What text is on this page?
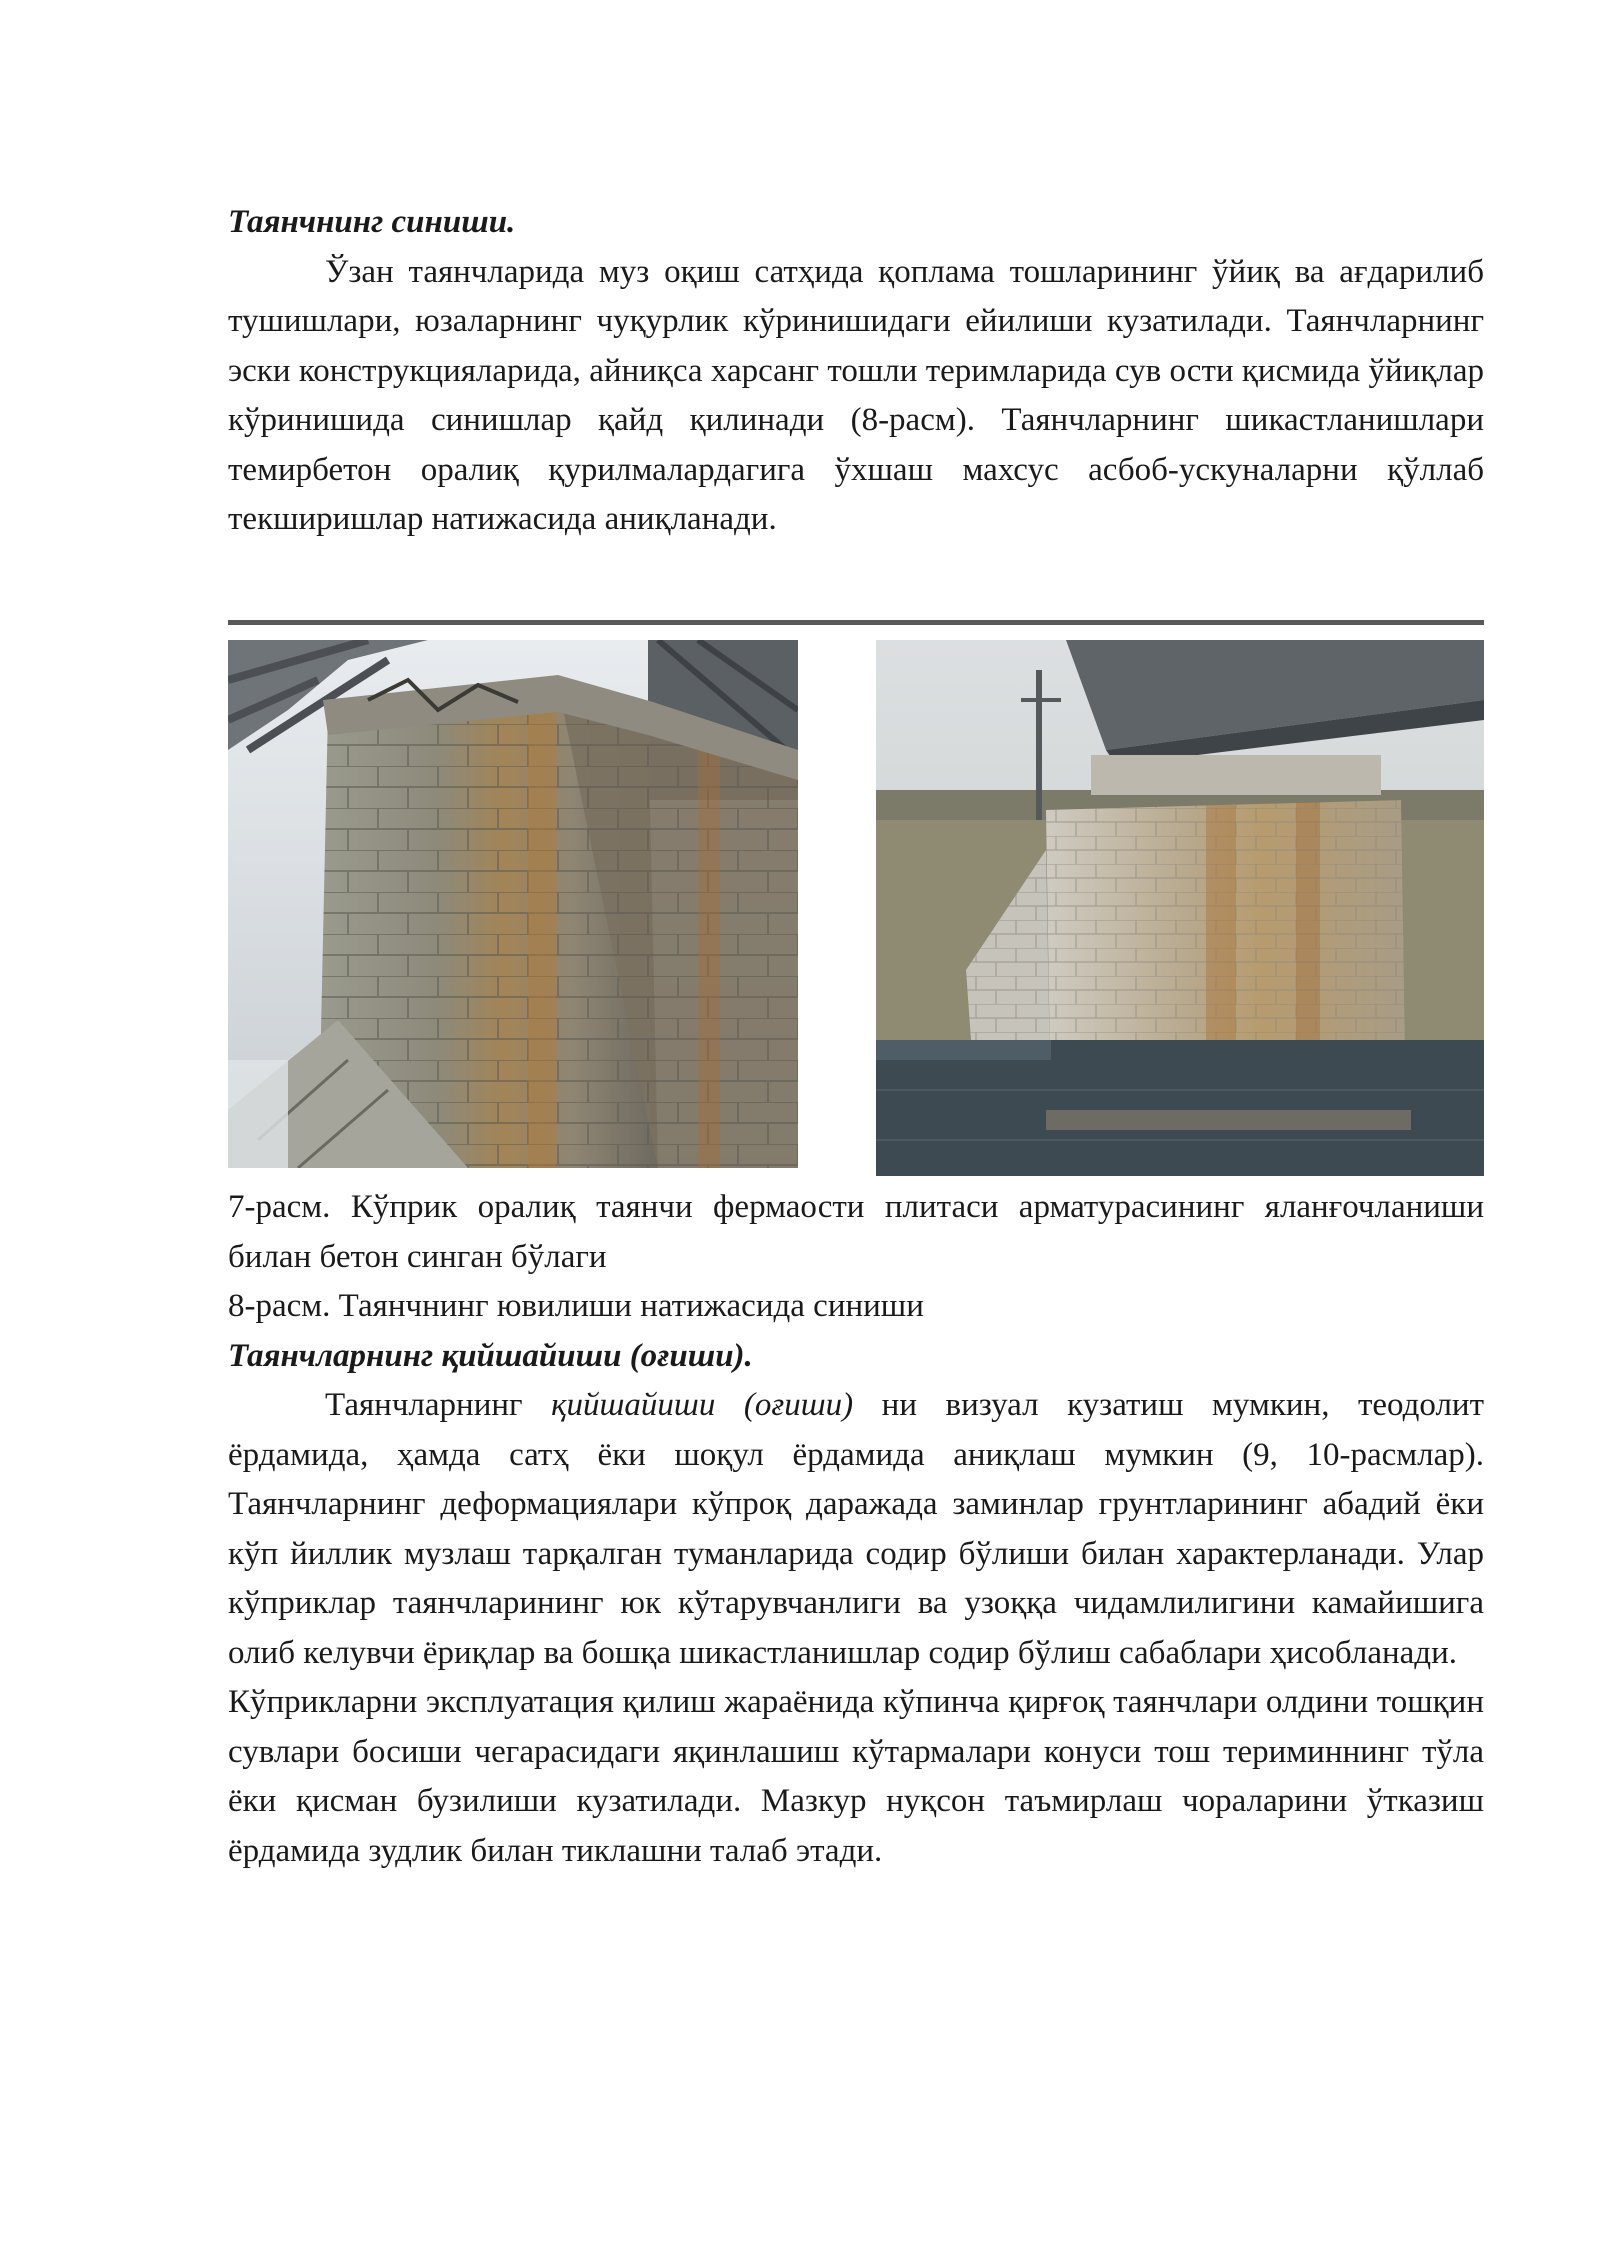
Таянчнинг синиши.

Ўзан таянчларида муз оқиш сатҳида қоплама тошларининг ўйиқ ва ағдарилиб тушишлари, юзаларнинг чуқурлик кўринишидаги ейилиши кузатилади. Таянчларнинг эски конструкцияларида, айниқса харсанг тошли теримларида сув ости қисмида ўйиқлар кўринишида синишлар қайд қилинади (8-расм). Таянчларнинг шикастланишлари темирбетон оралиқ қурилмалардагига ўхшаш махсус асбоб-ускуналарни қўллаб текширишлар натижасида аниқланади.

7-расм. Кўприк оралиқ таянчи фермаости плитаси арматурасининг яланғочланиши билан бетон синган бўлаги

8-расм. Таянчнинг ювилиши натижасида синиши

Таянчларнинг қийшайиши (оғиши).

Таянчларнинг қийшайиши (оғиши) ни визуал кузатиш мумкин, теодолит ёрдамида, ҳамда сатҳ ёки шоқул ёрдамида аниқлаш мумкин (9, 10-расмлар). Таянчларнинг деформациялари кўпроқ даражада заминлар грунтларининг абадий ёки кўп йиллик музлаш тарқалган туманларида содир бўлиши билан характерланади. Улар кўприклар таянчларининг юк кўтарувчанлиги ва узоққа чидамлилигини камайишига олиб келувчи ёриқлар ва бошқа шикастланишлар содир бўлиш сабаблари ҳисобланади.

Кўприкларни эксплуатация қилиш жараёнида кўпинча қирғоқ таянчлари олдини тошқин сувлари босиши чегарасидаги яқинлашиш кўтармалари конуси тош териминнинг тўла ёки қисман бузилиши кузатилади. Мазкур нуқсон таъмирлаш чораларини ўтказиш ёрдамида зудлик билан тиклашни талаб этади.
